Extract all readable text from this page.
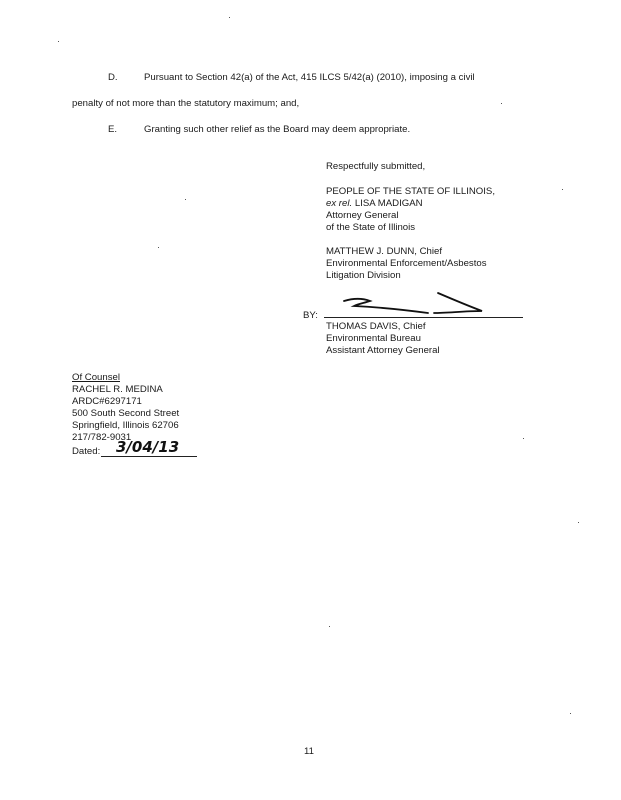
D.	Pursuant to Section 42(a) of the Act, 415 ILCS 5/42(a) (2010), imposing a civil
penalty of not more than the statutory maximum; and,
E.	Granting such other relief as the Board may deem appropriate.
Respectfully submitted,
PEOPLE OF THE STATE OF ILLINOIS,
ex rel. LISA MADIGAN
Attorney General
of the State of Illinois
MATTHEW J. DUNN, Chief
Environmental Enforcement/Asbestos
Litigation Division
BY:
THOMAS DAVIS, Chief
Environmental Bureau
Assistant Attorney General
Of Counsel
RACHEL R. MEDINA
ARDC#6297171
500 South Second Street
Springfield, Illinois 62706
217/782-9031
Dated: 3/04/13
11
